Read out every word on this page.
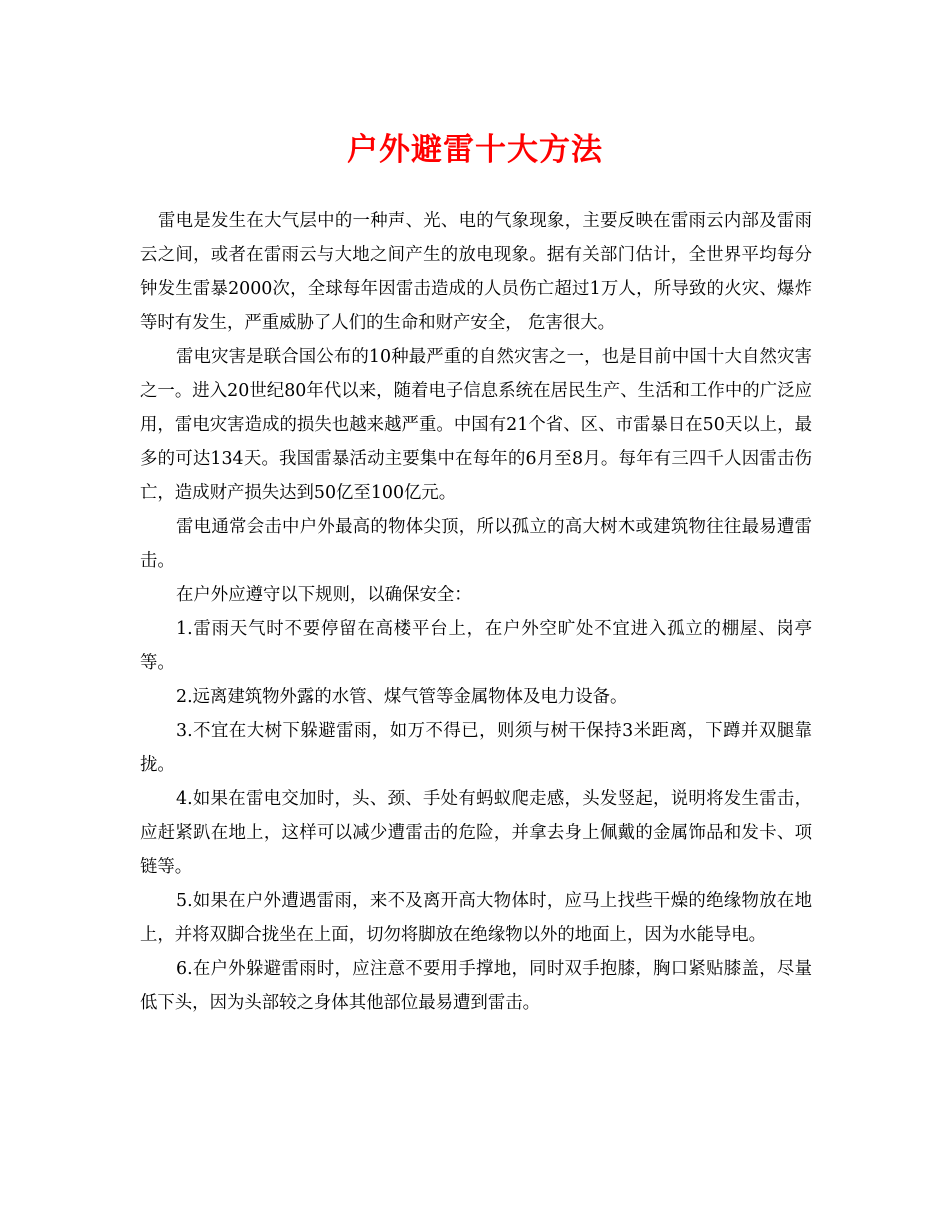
户外避雷十大方法

雷电是发生在大气层中的一种声、光、电的气象现象，主要反映在雷雨云内部及雷雨云之间，或者在雷雨云与大地之间产生的放电现象。据有关部门估计，全世界平均每分钟发生雷暴2000次，全球每年因雷击造成的人员伤亡超过1万人，所导致的火灾、爆炸等时有发生，严重威胁了人们的生命和财产安全， 危害很大。

雷电灾害是联合国公布的10种最严重的自然灾害之一，也是目前中国十大自然灾害之一。进入20世纪80年代以来，随着电子信息系统在居民生产、生活和工作中的广泛应用，雷电灾害造成的损失也越来越严重。中国有21个省、区、市雷暴日在50天以上，最多的可达134天。我国雷暴活动主要集中在每年的6月至8月。每年有三四千人因雷击伤亡，造成财产损失达到50亿至100亿元。

雷电通常会击中户外最高的物体尖顶，所以孤立的高大树木或建筑物往往最易遭雷击。

在户外应遵守以下规则，以确保安全：

1.雷雨天气时不要停留在高楼平台上，在户外空旷处不宜进入孤立的棚屋、岗亭等。

2.远离建筑物外露的水管、煤气管等金属物体及电力设备。

3.不宜在大树下躲避雷雨，如万不得已，则须与树干保持3米距离，下蹲并双腿靠拢。

4.如果在雷电交加时，头、颈、手处有蚂蚁爬走感，头发竖起，说明将发生雷击，应赶紧趴在地上，这样可以减少遭雷击的危险，并拿去身上佩戴的金属饰品和发卡、项链等。

5.如果在户外遭遇雷雨，来不及离开高大物体时，应马上找些干燥的绝缘物放在地上，并将双脚合拢坐在上面，切勿将脚放在绝缘物以外的地面上，因为水能导电。

6.在户外躲避雷雨时，应注意不要用手撑地，同时双手抱膝，胸口紧贴膝盖，尽量低下头，因为头部较之身体其他部位最易遭到雷击。
